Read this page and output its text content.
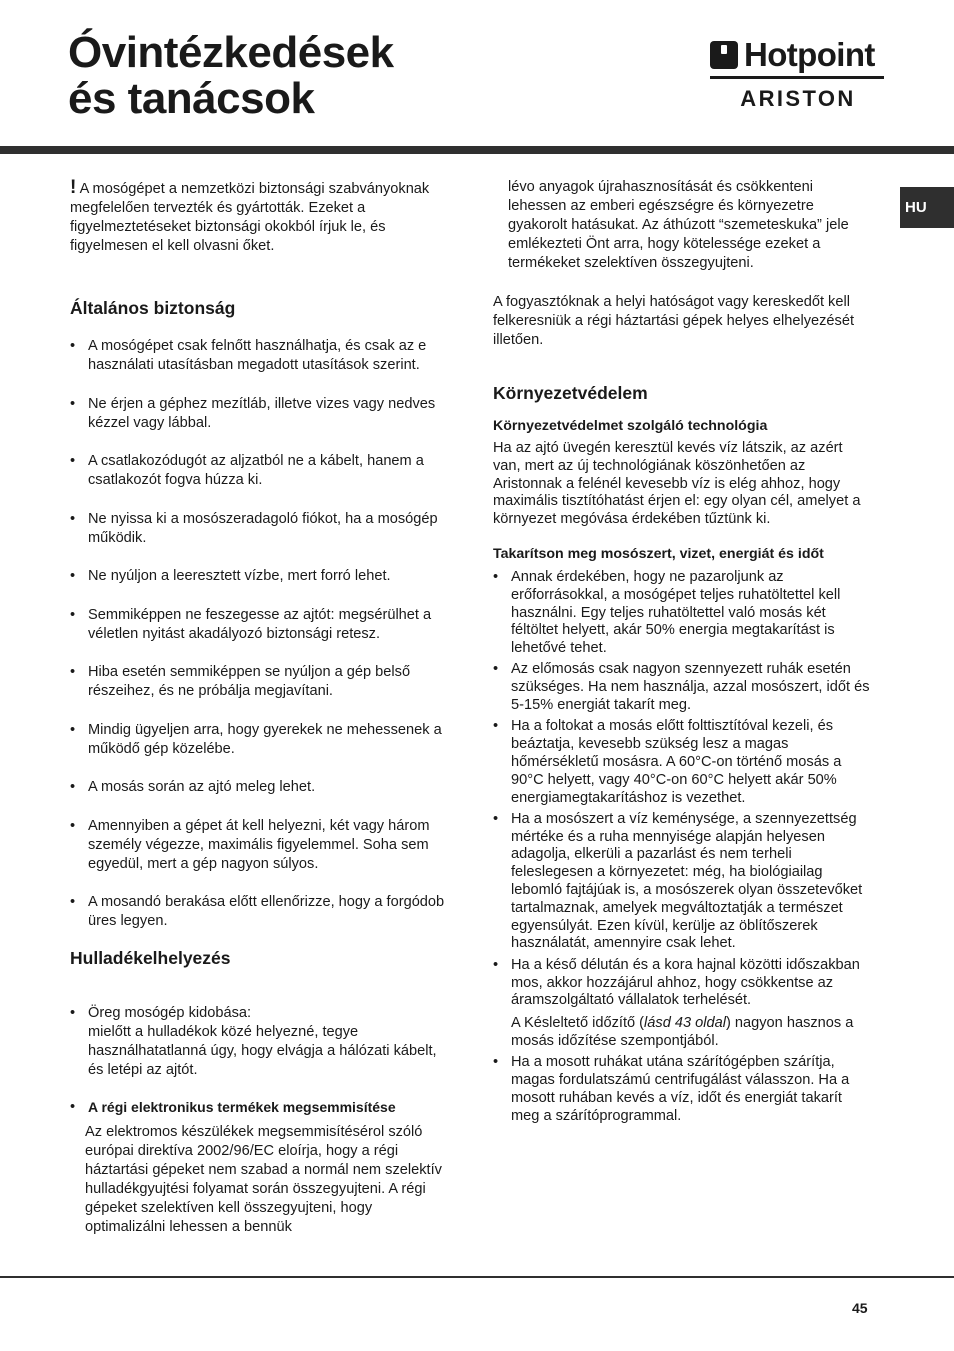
Óvintézkedések
és tanácsok
Hotpoint
ARISTON
HU

! A mosógépet a nemzetközi biztonsági szabványoknak megfelelően tervezték és gyártották. Ezeket a figyelmeztetéseket biztonsági okokból írjuk le, és figyelmesen el kell olvasni őket.

Általános biztonság
• A mosógépet csak felnőtt használhatja, és csak az e használati utasításban megadott utasítások szerint.
• Ne érjen a géphez mezítláb, illetve vizes vagy nedves kézzel vagy lábbal.
• A csatlakozódugót az aljzatból ne a kábelt, hanem a csatlakozót fogva húzza ki.
• Ne nyissa ki a mosószeradagoló fiókot, ha a mosógép működik.
• Ne nyúljon a leeresztett vízbe, mert forró lehet.
• Semmiképpen ne feszegesse az ajtót: megsérülhet a véletlen nyitást akadályozó biztonsági retesz.
• Hiba esetén semmiképpen se nyúljon a gép belső részeihez, és ne próbálja megjavítani.
• Mindig ügyeljen arra, hogy gyerekek ne mehessenek a működő gép közelébe.
• A mosás során az ajtó meleg lehet.
• Amennyiben a gépet át kell helyezni, két vagy három személy végezze, maximális figyelemmel. Soha sem egyedül, mert a gép nagyon súlyos.
• A mosandó berakása előtt ellenőrizze, hogy a forgódob üres legyen.
Hulladékelhelyezés
• Öreg mosógép kidobása:
mielőtt a hulladékok közé helyezné, tegye használhatatlanná úgy, hogy elvágja a hálózati kábelt, és letépi az ajtót.
• A régi elektronikus termékek megsemmisítése

Az elektromos készülékek megsemmisítésérol szóló európai direktíva 2002/96/EC eloírja, hogy a régi háztartási gépeket nem szabad a normál nem szelektív hulladékgyujtési folyamat során összegyujteni. A régi gépeket szelektíven kell összegyujteni, hogy optimalizálni lehessen a bennük

lévo anyagok újrahasznosítását és csökkenteni lehessen az emberi egészségre és környezetre gyakorolt hatásukat. Az áthúzott “szemeteskuka” jele emlékezteti Önt arra, hogy kötelessége ezeket a termékeket szelektíven összegyujteni.

A fogyasztóknak a helyi hatóságot vagy kereskedőt kell felkeresniük a régi háztartási gépek helyes elhelyezését illetően.

Környezetvédelem
Környezetvédelmet szolgáló technológia

Ha az ajtó üvegén keresztül kevés víz látszik, az azért van, mert az új technológiának köszönhetően az Aristonnak a felénél kevesebb víz is elég ahhoz, hogy maximális tisztítóhatást érjen el: egy olyan cél, amelyet a környezet megóvása érdekében tűztünk ki.

Takarítson meg mosószert, vizet, energiát és időt
• Annak érdekében, hogy ne pazaroljunk az erőforrásokkal, a mosógépet teljes ruhatöltettel kell használni. Egy teljes ruhatöltettel való mosás két féltöltet helyett, akár 50% energia megtakarítást is lehetővé tehet.
• Az előmosás csak nagyon szennyezett ruhák esetén szükséges. Ha nem használja, azzal mosószert, időt és 5-15% energiát takarít meg.
• Ha a foltokat a mosás előtt folttisztítóval kezeli, és beáztatja, kevesebb szükség lesz a magas hőmérsékletű mosásra. A 60°C-on történő mosás a 90°C helyett, vagy 40°C-on 60°C helyett akár 50% energiamegtakarításhoz is vezethet.
• Ha a mosószert a víz keménysége, a szennyezettség mértéke és a ruha mennyisége alapján helyesen adagolja, elkerüli a pazarlást és nem terheli feleslegesen a környezetet: még, ha biológiailag lebomló fajtájúak is, a mosószerek olyan összetevőket tartalmaznak, amelyek megváltoztatják a természet egyensúlyát. Ezen kívül, kerülje az öblítőszerek használatát, amennyire csak lehet.
• Ha a késő délután és a kora hajnal közötti időszakban mos, akkor hozzájárul ahhoz, hogy csökkentse az áramszolgáltató vállalatok terhelését.
A Késleltető időzítő (lásd 43 oldal) nagyon hasznos a mosás időzítése szempontjából.
• Ha a mosott ruhákat utána szárítógépben szárítja, magas fordulatszámú centrifugálást válasszon. Ha a mosott ruhában kevés a víz, időt és energiát takarít meg a szárítóprogrammal.
45
